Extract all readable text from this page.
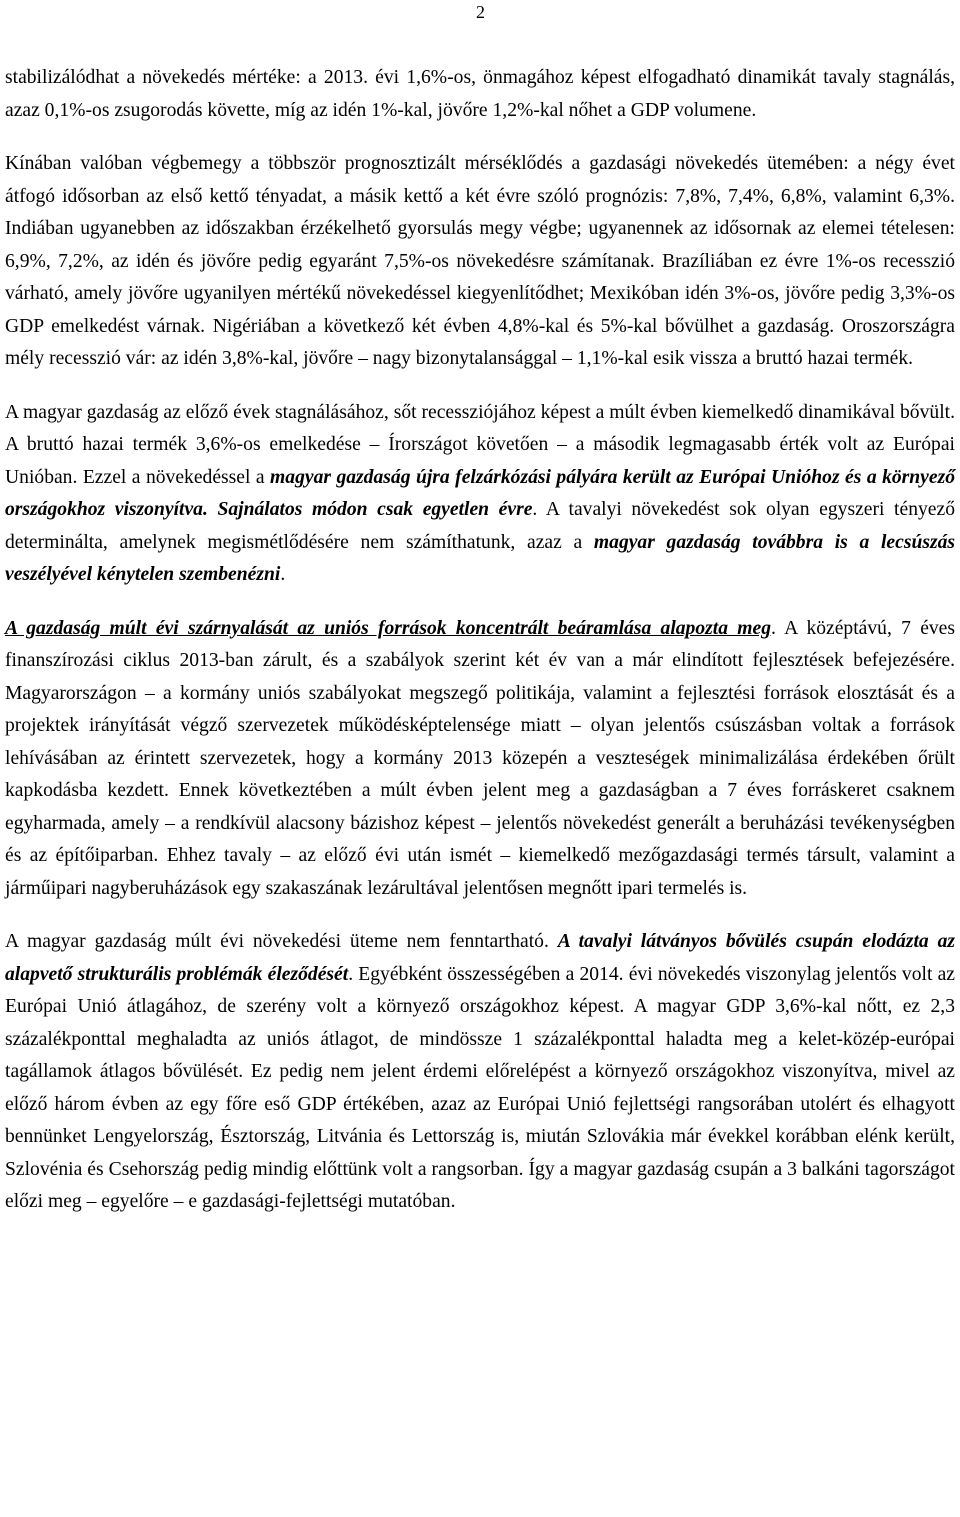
2

stabilizálódhat a növekedés mértéke: a 2013. évi 1,6%-os, önmagához képest elfogadható dinamikát tavaly stagnálás, azaz 0,1%-os zsugorodás követte, míg az idén 1%-kal, jövőre 1,2%-kal nőhet a GDP volumene.

Kínában valóban végbemegy a többször prognosztizált mérséklődés a gazdasági növekedés ütemében: a négy évet átfogó idősorban az első kettő tényadat, a másik kettő a két évre szóló prognózis: 7,8%, 7,4%, 6,8%, valamint 6,3%. Indiában ugyanebben az időszakban érzékelhető gyorsulás megy végbe; ugyanennek az idősornak az elemei tételesen: 6,9%, 7,2%, az idén és jövőre pedig egyaránt 7,5%-os növekedésre számítanak. Brazíliában ez évre 1%-os recesszió várható, amely jövőre ugyanilyen mértékű növekedéssel kiegyenlítődhet; Mexikóban idén 3%-os, jövőre pedig 3,3%-os GDP emelkedést várnak. Nigériában a következő két évben 4,8%-kal és 5%-kal bővülhet a gazdaság. Oroszországra mély recesszió vár: az idén 3,8%-kal, jövőre – nagy bizonytalansággal – 1,1%-kal esik vissza a bruttó hazai termék.

A magyar gazdaság az előző évek stagnálásához, sőt recessziójához képest a múlt évben kiemelkedő dinamikával bővült. A bruttó hazai termék 3,6%-os emelkedése – Írországot követően – a második legmagasabb érték volt az Európai Unióban. Ezzel a növekedéssel a magyar gazdaság újra felzárkózási pályára került az Európai Unióhoz és a környező országokhoz viszonyítva. Sajnálatos módon csak egyetlen évre. A tavalyi növekedést sok olyan egyszeri tényező determinálta, amelynek megismétlődésére nem számíthatunk, azaz a magyar gazdaság továbbra is a lecsúszás veszélyével kénytelen szembenézni.

A gazdaság múlt évi szárnyalását az uniós források koncentrált beáramlása alapozta meg. A középtávú, 7 éves finanszírozási ciklus 2013-ban zárult, és a szabályok szerint két év van a már elindított fejlesztések befejezésére. Magyarországon – a kormány uniós szabályokat megszegő politikája, valamint a fejlesztési források elosztását és a projektek irányítását végző szervezetek működésképtelensége miatt – olyan jelentős csúszásban voltak a források lehívásában az érintett szervezetek, hogy a kormány 2013 közepén a veszteségek minimalizálása érdekében őrült kapkodásba kezdett. Ennek következtében a múlt évben jelent meg a gazdaságban a 7 éves forráskeret csaknem egyharmada, amely – a rendkívül alacsony bázishoz képest – jelentős növekedést generált a beruházási tevékenységben és az építőiparban. Ehhez tavaly – az előző évi után ismét – kiemelkedő mezőgazdasági termés társult, valamint a járműipari nagyberuházások egy szakaszának lezárultával jelentősen megnőtt ipari termelés is.

A magyar gazdaság múlt évi növekedési üteme nem fenntartható. A tavalyi látványos bővülés csupán elodázta az alapvető strukturális problémák éleződését. Egyébként összességében a 2014. évi növekedés viszonylag jelentős volt az Európai Unió átlagához, de szerény volt a környező országokhoz képest. A magyar GDP 3,6%-kal nőtt, ez 2,3 százalékponttal meghaladta az uniós átlagot, de mindössze 1 százalékponttal haladta meg a kelet-közép-európai tagállamok átlagos bővülését. Ez pedig nem jelent érdemi előrelépést a környező országokhoz viszonyítva, mivel az előző három évben az egy főre eső GDP értékében, azaz az Európai Unió fejlettségi rangsorában utolért és elhagyott bennünket Lengyelország, Észtország, Litvánia és Lettország is, miután Szlovákia már évekkel korábban elénk került, Szlovénia és Csehország pedig mindig előttünk volt a rangsorban. Így a magyar gazdaság csupán a 3 balkáni tagországot előzi meg – egyelőre – e gazdasági-fejlettségi mutatóban.
